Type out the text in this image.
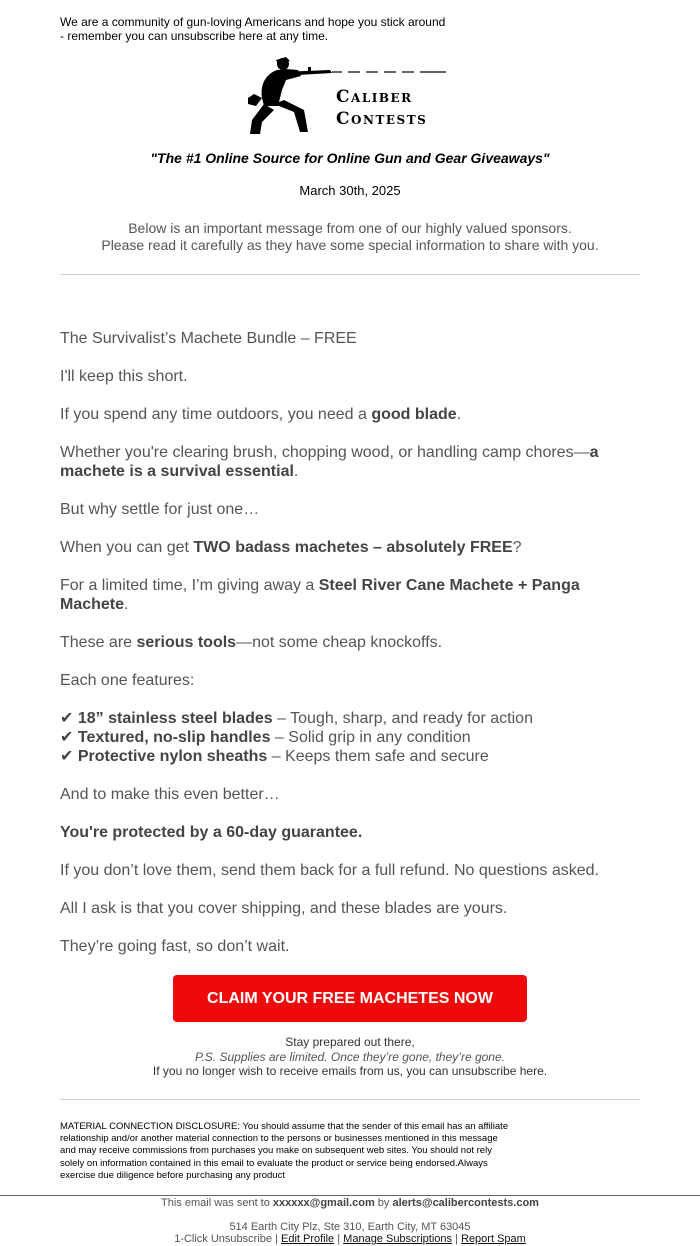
We are a community of gun-loving Americans and hope you stick around
- remember you can unsubscribe here at any time.
Caliber
Contests
"The #1 Online Source for Online Gun and Gear Giveaways"
March 30th, 2025
Below is an important message from one of our highly valued sponsors.
Please read it carefully as they have some special information to share with you.

The Survivalist’s Machete Bundle – FREE

I'll keep this short.

If you spend any time outdoors, you need a good blade.

Whether you're clearing brush, chopping wood, or handling camp chores—a machete is a survival essential.

But why settle for just one…

When you can get TWO badass machetes – absolutely FREE?

For a limited time, I’m giving away a Steel River Cane Machete + Panga Machete.

These are serious tools—not some cheap knockoffs.

Each one features:

✔ 18” stainless steel blades – Tough, sharp, and ready for action
✔ Textured, no-slip handles – Solid grip in any condition
✔ Protective nylon sheaths – Keeps them safe and secure

And to make this even better…

You're protected by a 60-day guarantee.

If you don’t love them, send them back for a full refund. No questions asked.

All I ask is that you cover shipping, and these blades are yours.

They’re going fast, so don’t wait.

CLAIM YOUR FREE MACHETES NOW
Stay prepared out there,
P.S. Supplies are limited. Once they’re gone, they’re gone.
If you no longer wish to receive emails from us, you can unsubscribe here.
MATERIAL CONNECTION DISCLOSURE: You should assume that the sender of this email has an affiliate relationship and/or another material connection to the persons or businesses mentioned in this message and may receive commissions from purchases you make on subsequent web sites. You should not rely solely on information contained in this email to evaluate the product or service being endorsed.Always exercise due diligence before purchasing any product
This email was sent to xxxxxx@gmail.com by alerts@calibercontests.com
514 Earth City Plz, Ste 310, Earth City, MT 63045
1-Click Unsubscribe | Edit Profile | Manage Subscriptions | Report Spam
